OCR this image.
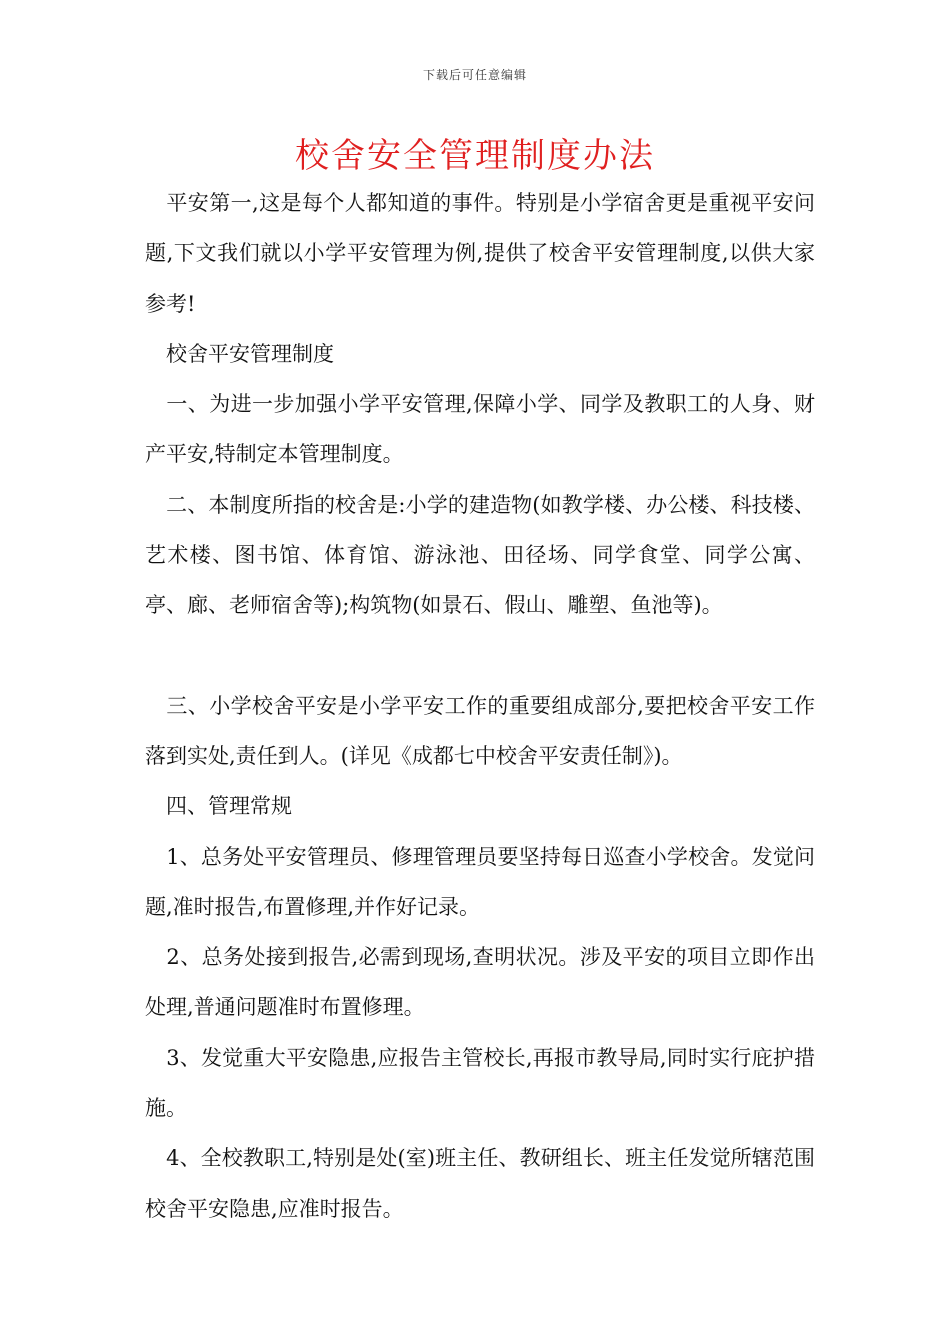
下载后可任意编辑
校舍安全管理制度办法

　平安第一,这是每个人都知道的事件。特别是小学宿舍更是重视平安问题,下文我们就以小学平安管理为例,提供了校舍平安管理制度,以供大家参考!

　校舍平安管理制度

　一、为进一步加强小学平安管理,保障小学、同学及教职工的人身、财产平安,特制定本管理制度。

　二、本制度所指的校舍是:小学的建造物(如教学楼、办公楼、科技楼、艺术楼、图书馆、体育馆、游泳池、田径场、同学食堂、同学公寓、亭、廊、老师宿舍等);构筑物(如景石、假山、雕塑、鱼池等)。

　三、小学校舍平安是小学平安工作的重要组成部分,要把校舍平安工作落到实处,责任到人。(详见《成都七中校舍平安责任制》)。

　四、管理常规

　1、总务处平安管理员、修理管理员要坚持每日巡查小学校舍。发觉问题,准时报告,布置修理,并作好记录。

　2、总务处接到报告,必需到现场,查明状况。涉及平安的项目立即作出处理,普通问题准时布置修理。

　3、发觉重大平安隐患,应报告主管校长,再报市教导局,同时实行庇护措施。

　4、全校教职工,特别是处(室)班主任、教研组长、班主任发觉所辖范围校舍平安隐患,应准时报告。
